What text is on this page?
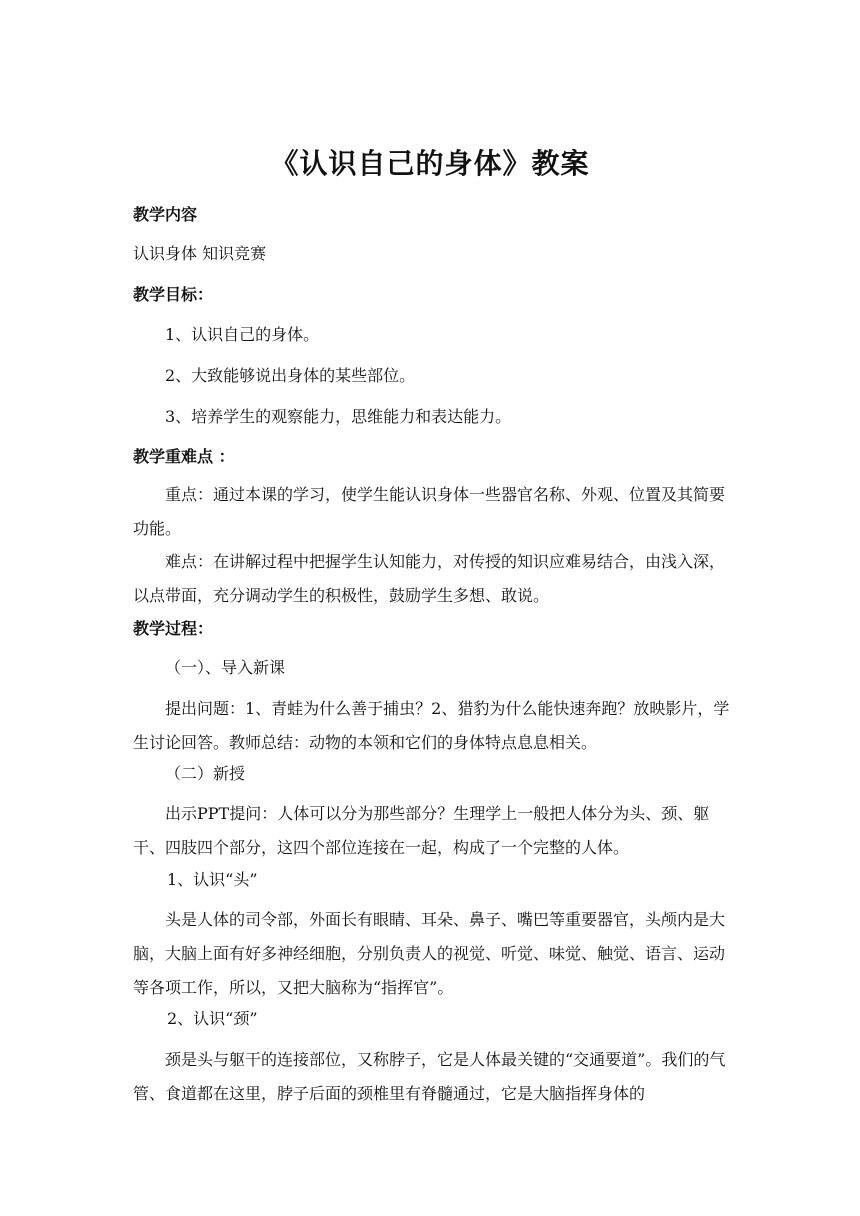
《认识自己的身体》教案
教学内容
认识身体 知识竞赛
教学目标：
1、认识自己的身体。
2、大致能够说出身体的某些部位。
3、培养学生的观察能力，思维能力和表达能力。
教学重难点 ：
重点：通过本课的学习，使学生能认识身体一些器官名称、外观、位置及其简要功能。
难点：在讲解过程中把握学生认知能力，对传授的知识应难易结合，由浅入深，以点带面，充分调动学生的积极性，鼓励学生多想、敢说。
教学过程：
（一）、导入新课
提出问题：1、青蛙为什么善于捕虫？2、猎豹为什么能快速奔跑？放映影片，学生讨论回答。教师总结：动物的本领和它们的身体特点息息相关。
（二）新授
出示PPT提问：人体可以分为那些部分？生理学上一般把人体分为头、颈、躯干、四肢四个部分，这四个部位连接在一起，构成了一个完整的人体。
1、认识“头”
头是人体的司令部，外面长有眼睛、耳朵、鼻子、嘴巴等重要器官，头颅内是大脑，大脑上面有好多神经细胞，分别负责人的视觉、听觉、味觉、触觉、语言、运动等各项工作，所以，又把大脑称为“指挥官”。
2、认识“颈”
颈是头与躯干的连接部位，又称脖子，它是人体最关键的“交通要道”。我们的气管、食道都在这里，脖子后面的颈椎里有脊髓通过，它是大脑指挥身体的
